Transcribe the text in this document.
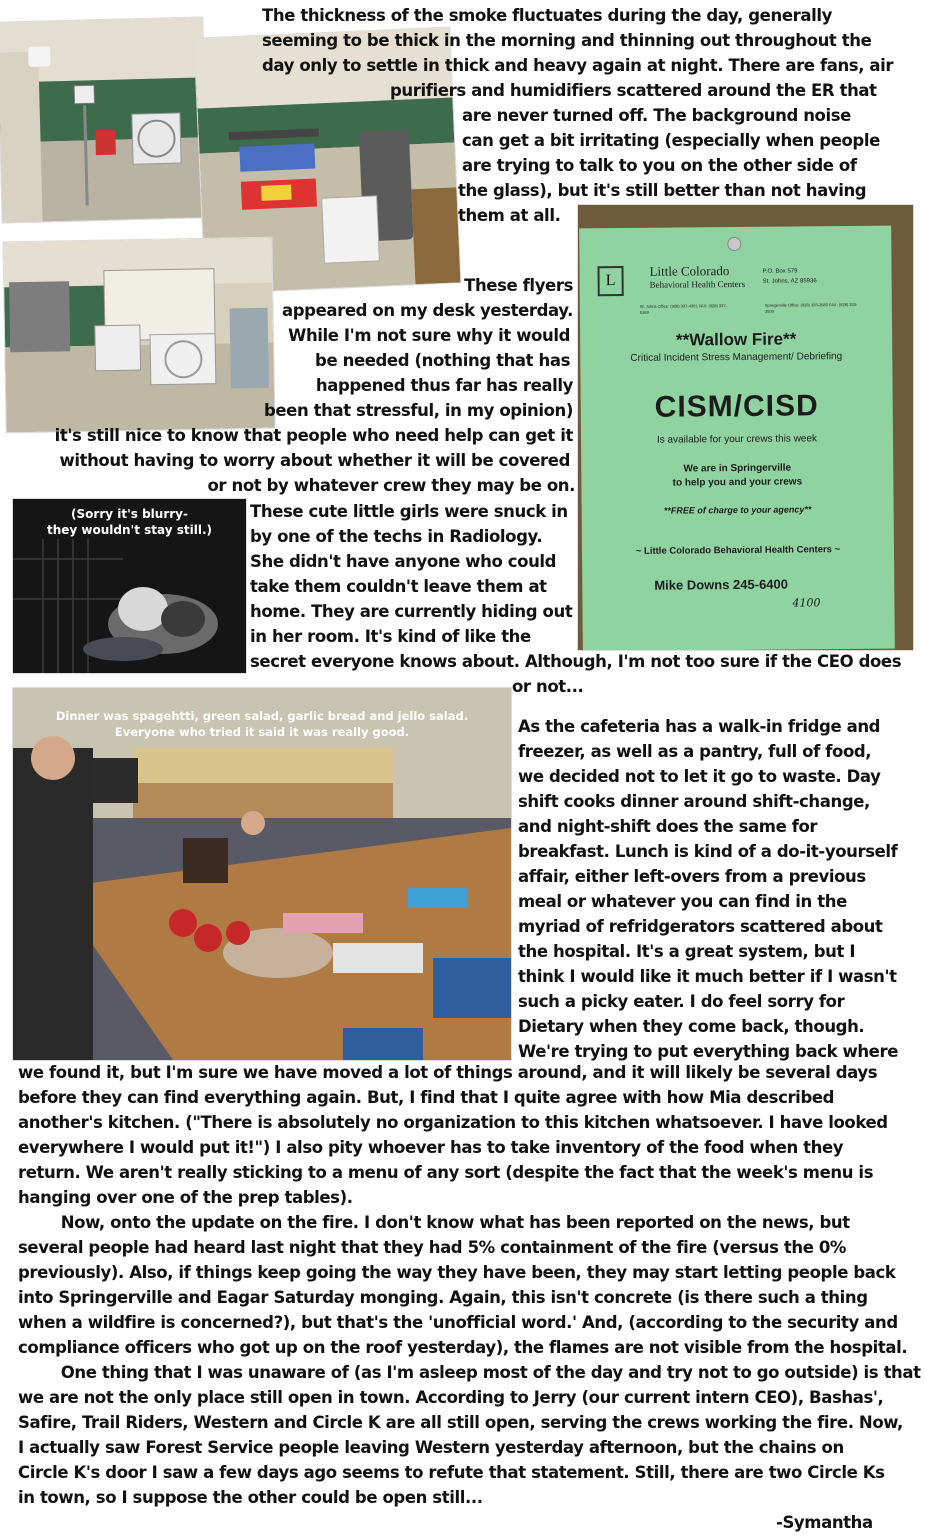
The thickness of the smoke fluctuates during the day, generally
seeming to be thick in the morning and thinning out throughout the
day only to settle in thick and heavy again at night. There are fans, air
purifiers and humidifiers scattered around the ER that
are never turned off. The background noise
can get a bit irritating (especially when people
are trying to talk to you on the other side of
the glass), but it's still better than not having
them at all.
These flyers
appeared on my desk yesterday.
While I'm not sure why it would
be needed (nothing that has
happened thus far has really
been that stressful, in my opinion)
it's still nice to know that people who need help can get it
without having to worry about whether it will be covered
or not by whatever crew they may be on.
L
Little Colorado
Behavioral Health Centers
P.O. Box 579
St. Johns, AZ 85936
St. Johns Office: (928) 337-4301 FAX: (928) 337-5269
Springerville Office: (928) 333-2683 FAX: (928) 333-3509
**Wallow Fire**
Critical Incident Stress Management/ Debriefing
CISM/CISD
Is available for your crews this week
We are in Springerville
to help you and your crews
**FREE of charge to your agency**
~ Little Colorado Behavioral Health Centers ~
Mike Downs 245-6400
4100
(Sorry it's blurry-
they wouldn't stay still.)
These cute little girls were snuck in
by one of the techs in Radiology.
She didn't have anyone who could
take them couldn't leave them at
home. They are currently hiding out
in her room. It's kind of like the
secret everyone knows about. Although, I'm not too sure if the CEO does
or not...
Dinner was spagehtti, green salad, garlic bread and jello salad.
Everyone who tried it said it was really good.	As the cafeteria has a walk-in fridge and
freezer, as well as a pantry, full of food,
we decided not to let it go to waste. Day
shift cooks dinner around shift-change,
and night-shift does the same for
breakfast. Lunch is kind of a do-it-yourself
affair, either left-overs from a previous
meal or whatever you can find in the
myriad of refridgerators scattered about
the hospital. It's a great system, but I
think I would like it much better if I wasn't
such a picky eater. I do feel sorry for
Dietary when they come back, though.
We're trying to put everything back where
we found it, but I'm sure we have moved a lot of things around, and it will likely be several days
before they can find everything again. But, I find that I quite agree with how Mia described
another's kitchen. ("There is absolutely no organization to this kitchen whatsoever. I have looked
everywhere I would put it!") I also pity whoever has to take inventory of the food when they
return. We aren't really sticking to a menu of any sort (despite the fact that the week's menu is
hanging over one of the prep tables).
Now, onto the update on the fire. I don't know what has been reported on the news, but
several people had heard last night that they had 5% containment of the fire (versus the 0%
previously). Also, if things keep going the way they have been, they may start letting people back
into Springerville and Eagar Saturday monging. Again, this isn't concrete (is there such a thing
when a wildfire is concerned?), but that's the 'unofficial word.' And, (according to the security and
compliance officers who got up on the roof yesterday), the flames are not visible from the hospital.
One thing that I was unaware of (as I'm asleep most of the day and try not to go outside) is that
we are not the only place still open in town. According to Jerry (our current intern CEO), Bashas',
Safire, Trail Riders, Western and Circle K are all still open, serving the crews working the fire. Now,
I actually saw Forest Service people leaving Western yesterday afternoon, but the chains on
Circle K's door I saw a few days ago seems to refute that statement. Still, there are two Circle Ks
in town, so I suppose the other could be open still...
-Symantha
